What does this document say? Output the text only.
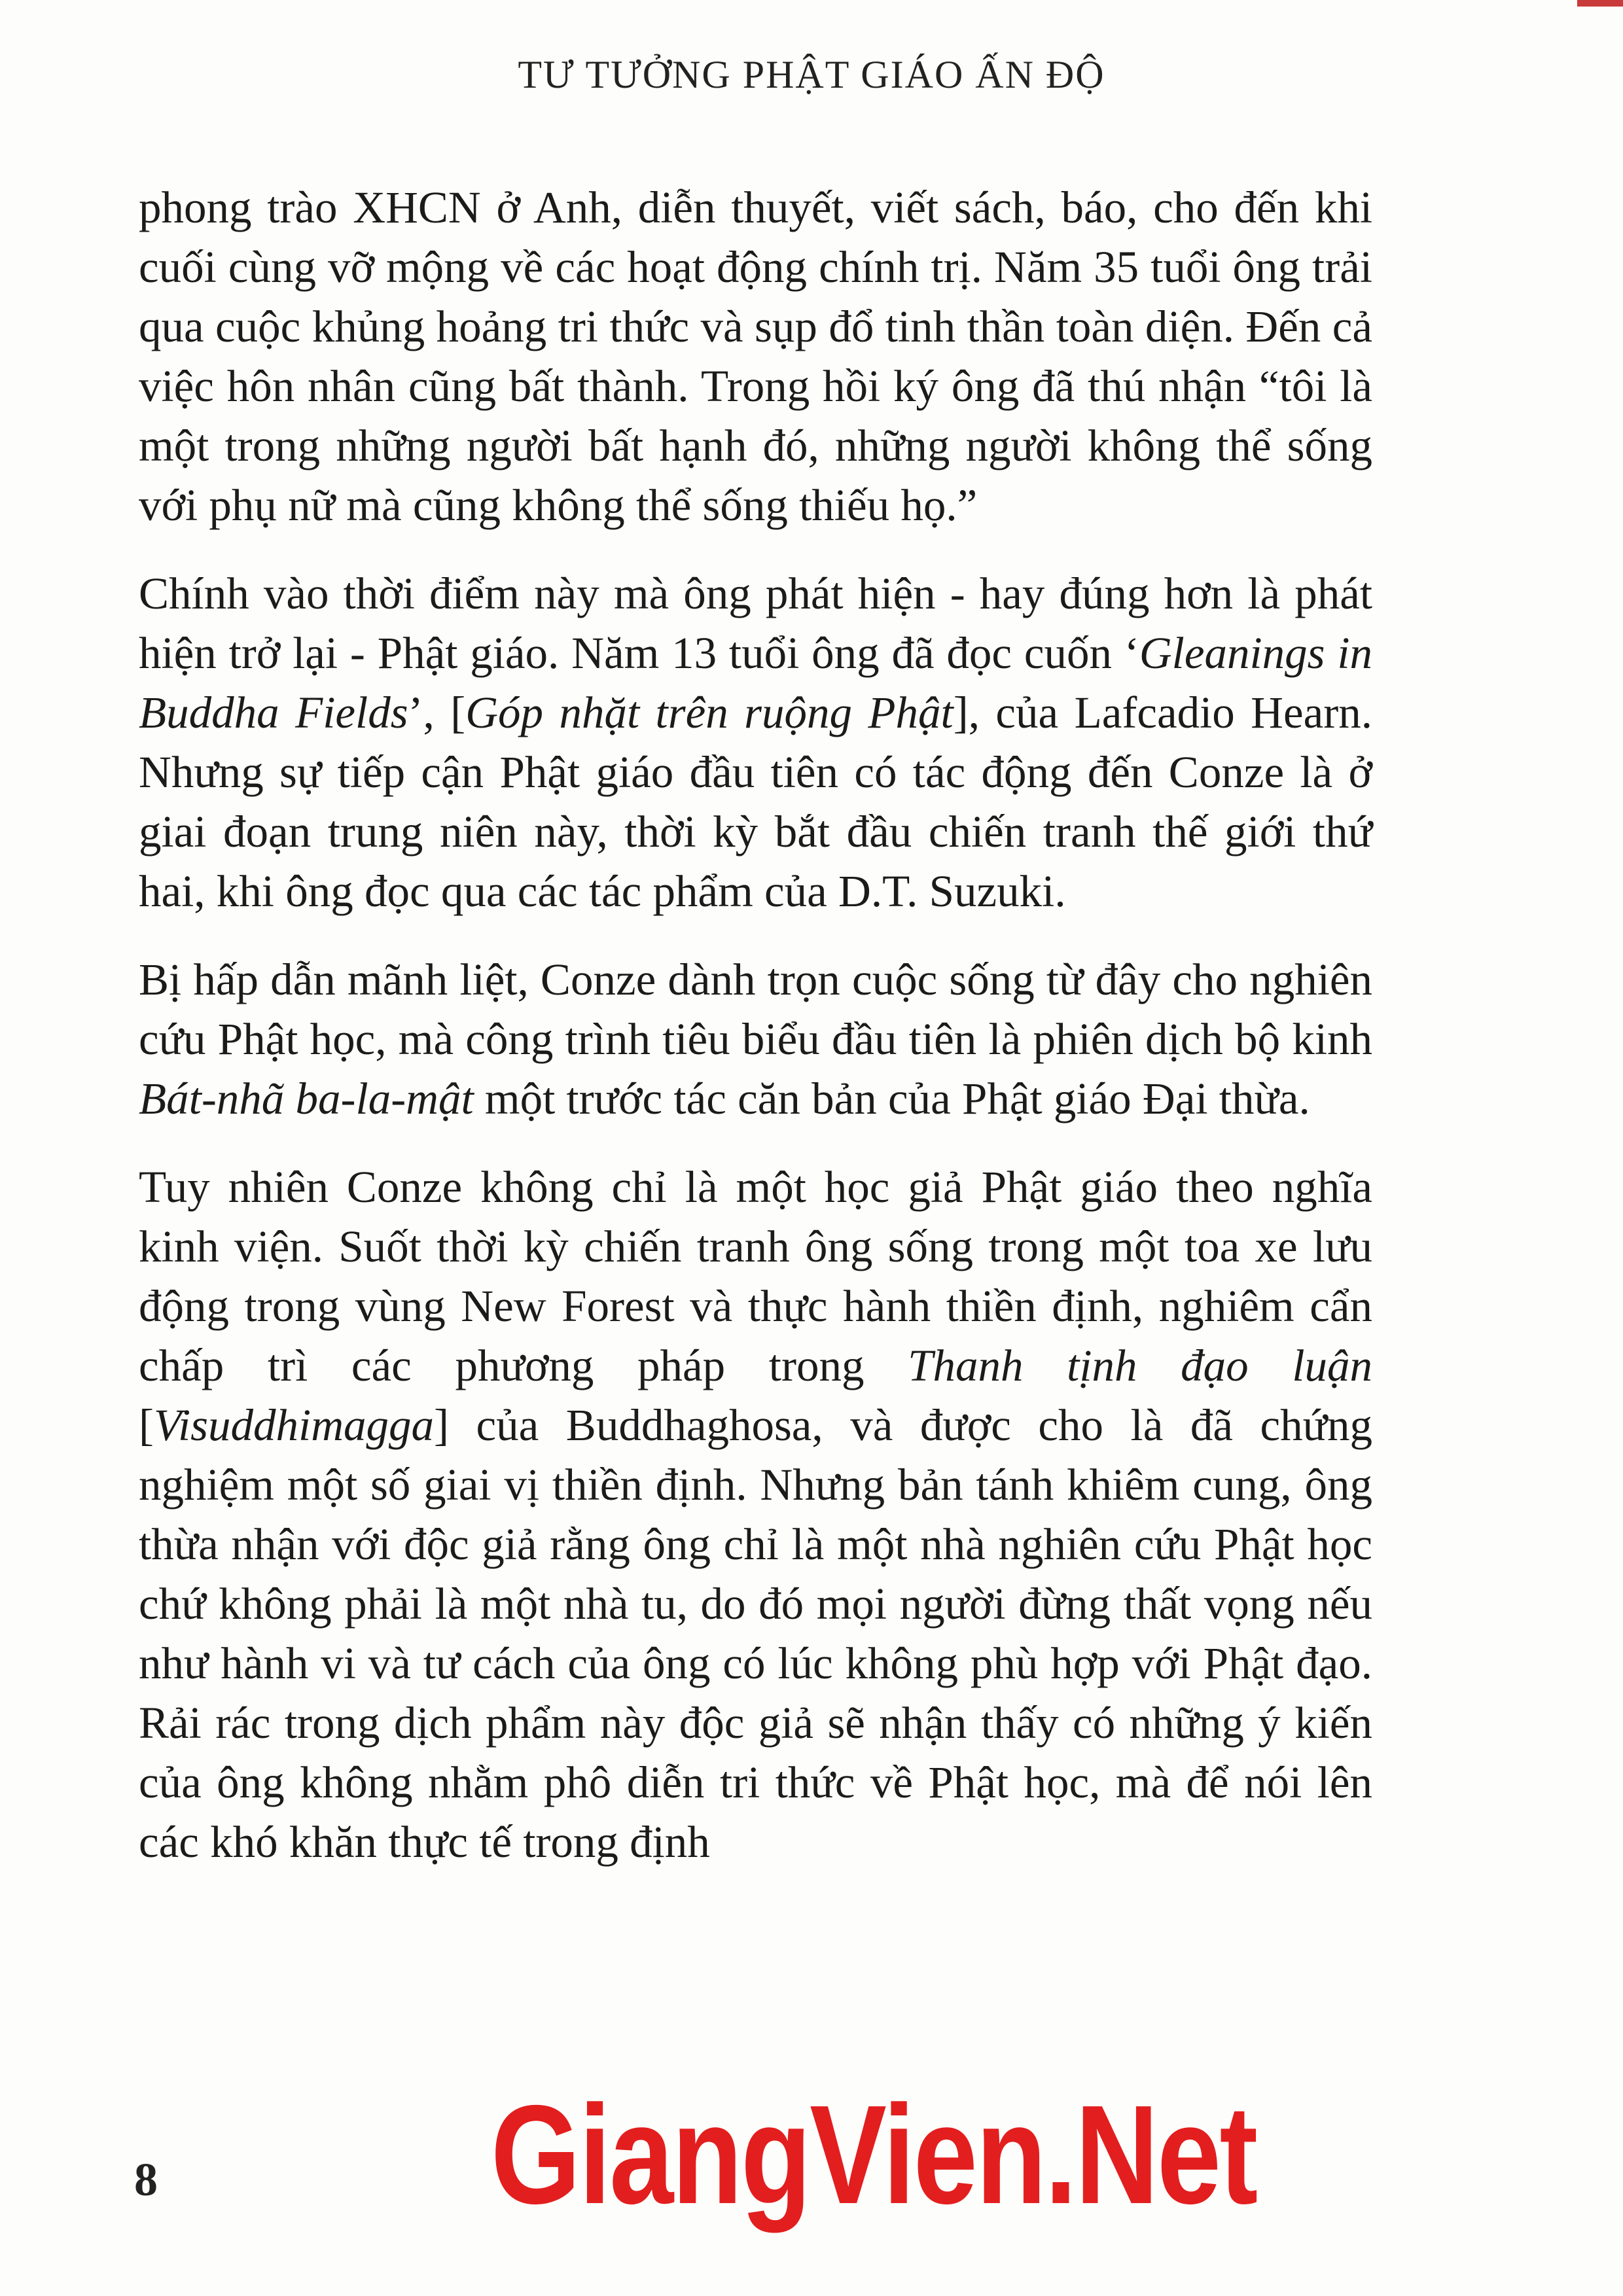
TƯ TƯỞNG PHẬT GIÁO ẤN ĐỘ

phong trào XHCN ở Anh, diễn thuyết, viết sách, báo, cho đến khi cuối cùng vỡ mộng về các hoạt động chính trị. Năm 35 tuổi ông trải qua cuộc khủng hoảng tri thức và sụp đổ tinh thần toàn diện. Đến cả việc hôn nhân cũng bất thành. Trong hồi ký ông đã thú nhận “tôi là một trong những người bất hạnh đó, những người không thể sống với phụ nữ mà cũng không thể sống thiếu họ.”

Chính vào thời điểm này mà ông phát hiện - hay đúng hơn là phát hiện trở lại - Phật giáo. Năm 13 tuổi ông đã đọc cuốn ‘Gleanings in Buddha Fields’, [Góp nhặt trên ruộng Phật], của Lafcadio Hearn. Nhưng sự tiếp cận Phật giáo đầu tiên có tác động đến Conze là ở giai đoạn trung niên này, thời kỳ bắt đầu chiến tranh thế giới thứ hai, khi ông đọc qua các tác phẩm của D.T. Suzuki.

Bị hấp dẫn mãnh liệt, Conze dành trọn cuộc sống từ đây cho nghiên cứu Phật học, mà công trình tiêu biểu đầu tiên là phiên dịch bộ kinh Bát-nhã ba-la-mật một trước tác căn bản của Phật giáo Đại thừa.

Tuy nhiên Conze không chỉ là một học giả Phật giáo theo nghĩa kinh viện. Suốt thời kỳ chiến tranh ông sống trong một toa xe lưu động trong vùng New Forest và thực hành thiền định, nghiêm cẩn chấp trì các phương pháp trong Thanh tịnh đạo luận [Visuddhimagga] của Buddhaghosa, và được cho là đã chứng nghiệm một số giai vị thiền định. Nhưng bản tánh khiêm cung, ông thừa nhận với độc giả rằng ông chỉ là một nhà nghiên cứu Phật học chứ không phải là một nhà tu, do đó mọi người đừng thất vọng nếu như hành vi và tư cách của ông có lúc không phù hợp với Phật đạo. Rải rác trong dịch phẩm này độc giả sẽ nhận thấy có những ý kiến của ông không nhằm phô diễn tri thức về Phật học, mà để nói lên các khó khăn thực tế trong định

GiangVien.Net
8
